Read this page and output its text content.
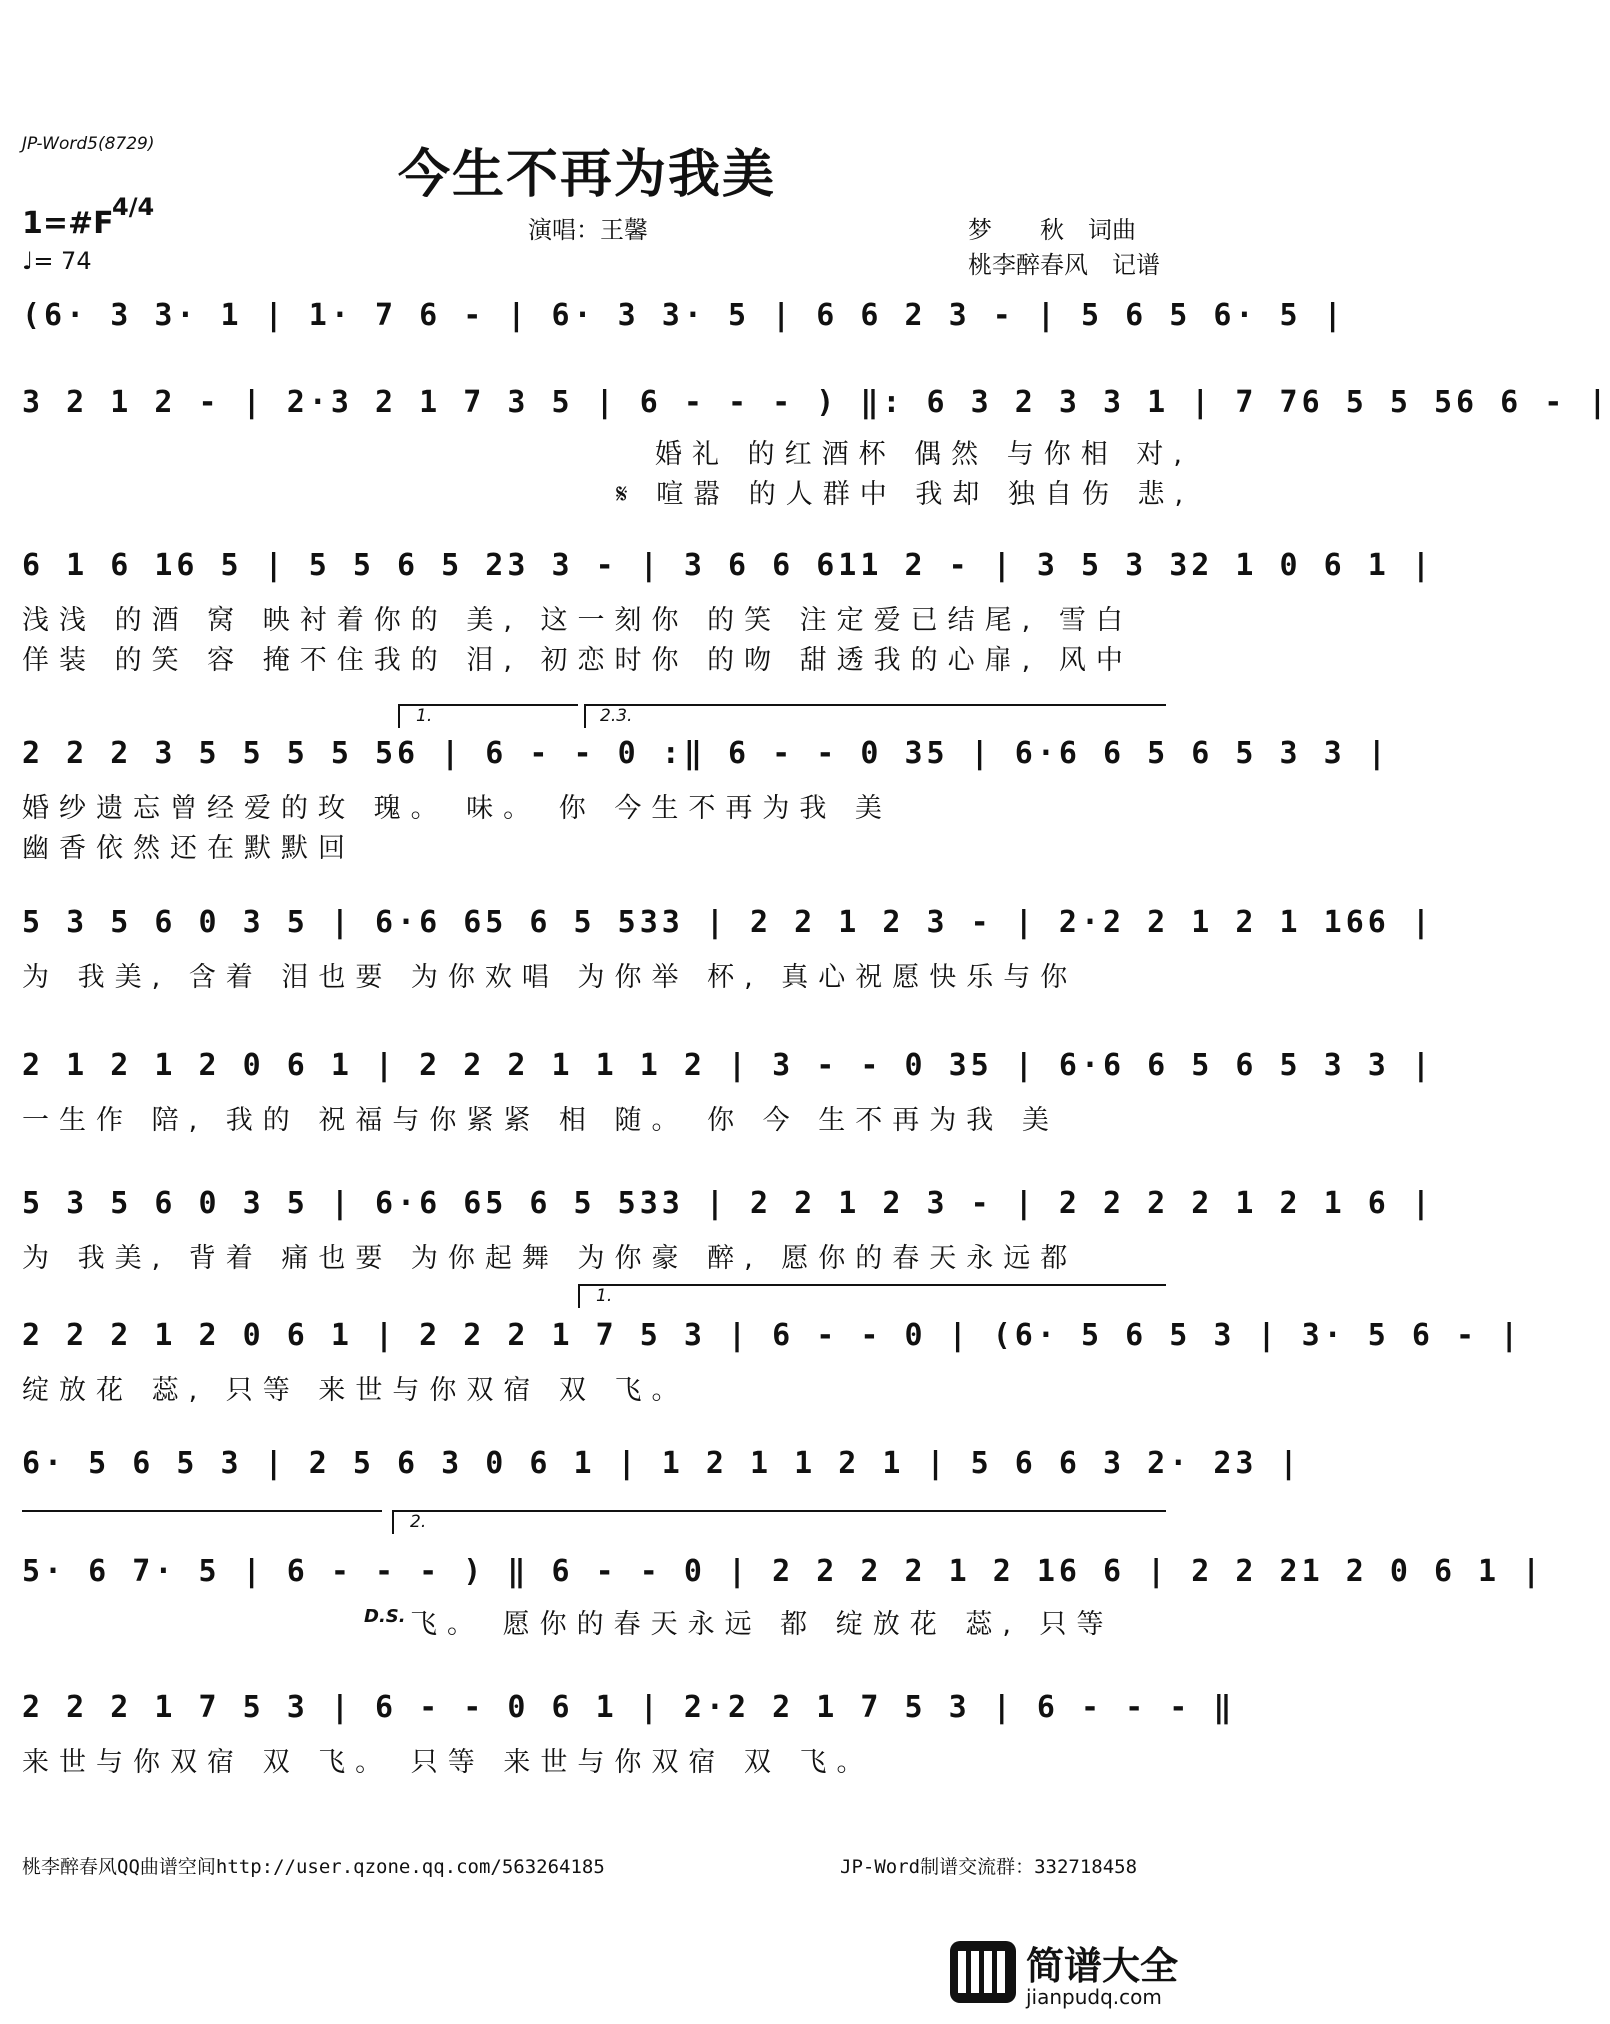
JP-Word5(8729)	今生不再为我美
1=#F
4/4
♩= 74
演唱：王馨	梦　　秋　词曲
桃李醉春风　记谱
(6· 3 3· 1 | 1· 7 6 - | 6· 3 3· 5 | 6 6 2 3 - | 5 6 5 6· 5 |
3 2 1 2 - | 2·3 2 1 7 3 5 | 6 - - - ) ‖: 6 3 2 3 3 1 | 7 76 5 5 56 6 - |
婚礼 的红酒杯 偶然 与你相 对,
𝄋 喧嚣 的人群中 我却 独自伤 悲,
6 1 6 16 5 | 5 5 6 5 23 3 - | 3 6 6 611 2 - | 3 5 3 32 1 0 6 1 |
浅浅 的酒 窝 映衬着你的 美, 这一刻你 的笑 注定爱已结尾, 雪白
佯装 的笑 容 掩不住我的 泪, 初恋时你 的吻 甜透我的心扉, 风中
1.	2.3.
2 2 2 3 5 5 5 5 56 | 6 - - 0 :‖ 6 - - 0 35 | 6·6 6 5 6 5 3 3 |
婚纱遗忘曾经爱的玫 瑰。 味。 你 今生不再为我 美
幽香依然还在默默回
5 3 5 6 0 3 5 | 6·6 65 6 5 533 | 2 2 1 2 3 - | 2·2 2 1 2 1 166 |
为 我美, 含着 泪也要 为你欢唱 为你举 杯, 真心祝愿快乐与你
2 1 2 1 2 0 6 1 | 2 2 2 1 1 1 2 | 3 - - 0 35 | 6·6 6 5 6 5 3 3 |
一生作 陪, 我的 祝福与你紧紧 相 随。 你 今 生不再为我 美
5 3 5 6 0 3 5 | 6·6 65 6 5 533 | 2 2 1 2 3 - | 2 2 2 2 1 2 1 6 |
为 我美, 背着 痛也要 为你起舞 为你豪 醉, 愿你的春天永远都
1.
2 2 2 1 2 0 6 1 | 2 2 2 1 7 5 3 | 6 - - 0 | (6· 5 6 5 3 | 3· 5 6 - |
绽放花 蕊, 只等 来世与你双宿 双 飞。
6· 5 6 5 3 | 2 5 6 3 0 6 1 | 1 2 1 1 2 1 | 5 6 6 3 2· 23 |
2.
5· 6 7· 5 | 6 - - - ) ‖ 6 - - 0 | 2 2 2 2 1 2 16 6 | 2 2 21 2 0 6 1 |
D.S. 飞。 愿你的春天永远 都 绽放花 蕊, 只等
2 2 2 1 7 5 3 | 6 - - 0 6 1 | 2·2 2 1 7 5 3 | 6 - - - ‖
来世与你双宿 双 飞。 只等 来世与你双宿 双 飞。
桃李醉春风QQ曲谱空间http://user.qzone.qq.com/563264185	JP-Word制谱交流群：332718458
简谱大全
jianpudq.com
